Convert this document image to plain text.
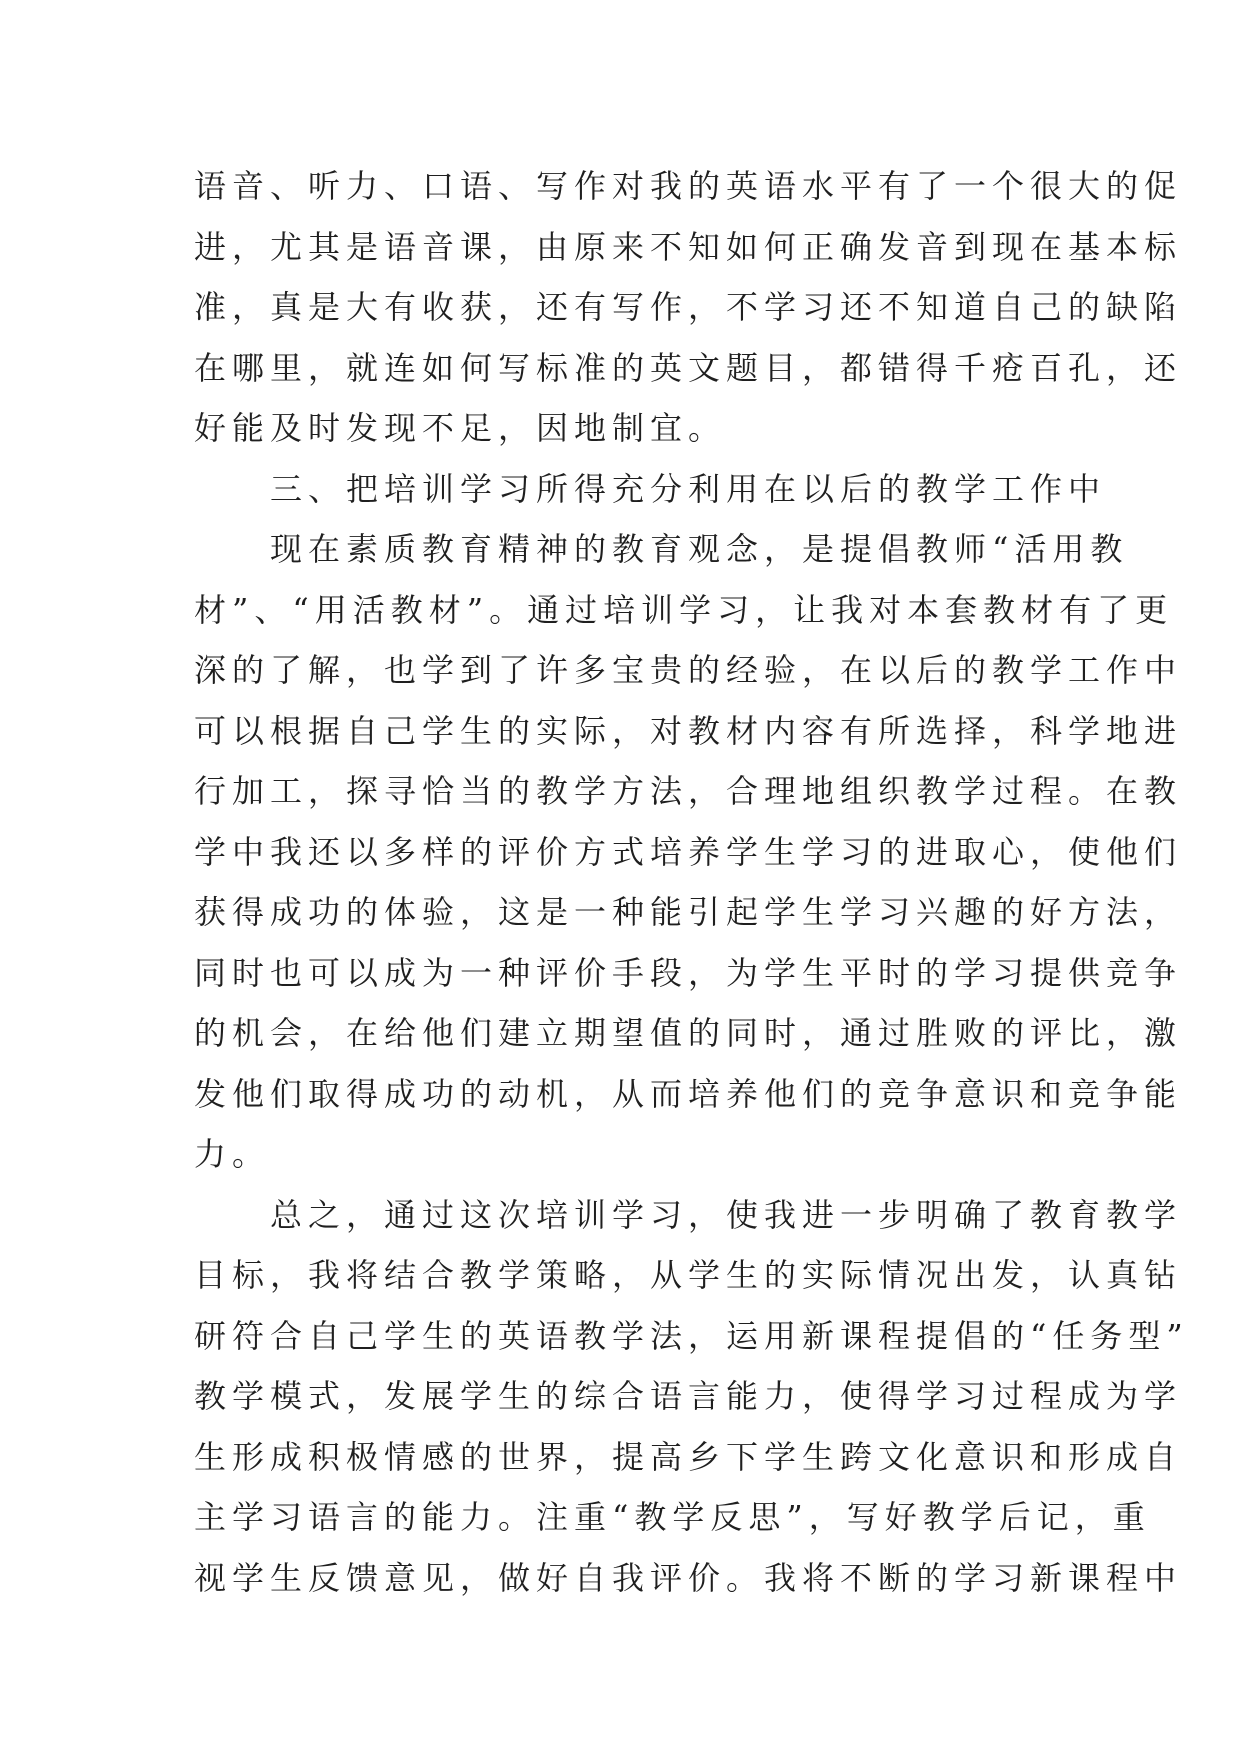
语音、听力、口语、写作对我的英语水平有了一个很大的促
进，尤其是语音课，由原来不知如何正确发音到现在基本标
准，真是大有收获，还有写作，不学习还不知道自己的缺陷
在哪里，就连如何写标准的英文题目，都错得千疮百孔，还
好能及时发现不足，因地制宜。
　　三、把培训学习所得充分利用在以后的教学工作中
　　现在素质教育精神的教育观念，是提倡教师“活用教
材”、“用活教材”。通过培训学习，让我对本套教材有了更
深的了解，也学到了许多宝贵的经验，在以后的教学工作中
可以根据自己学生的实际，对教材内容有所选择，科学地进
行加工，探寻恰当的教学方法，合理地组织教学过程。在教
学中我还以多样的评价方式培养学生学习的进取心，使他们
获得成功的体验，这是一种能引起学生学习兴趣的好方法，
同时也可以成为一种评价手段，为学生平时的学习提供竞争
的机会，在给他们建立期望值的同时，通过胜败的评比，激
发他们取得成功的动机，从而培养他们的竞争意识和竞争能
力。
　　总之，通过这次培训学习，使我进一步明确了教育教学
目标，我将结合教学策略，从学生的实际情况出发，认真钻
研符合自己学生的英语教学法，运用新课程提倡的“任务型”
教学模式，发展学生的综合语言能力，使得学习过程成为学
生形成积极情感的世界，提高乡下学生跨文化意识和形成自
主学习语言的能力。注重“教学反思”，写好教学后记，重
视学生反馈意见，做好自我评价。我将不断的学习新课程中
